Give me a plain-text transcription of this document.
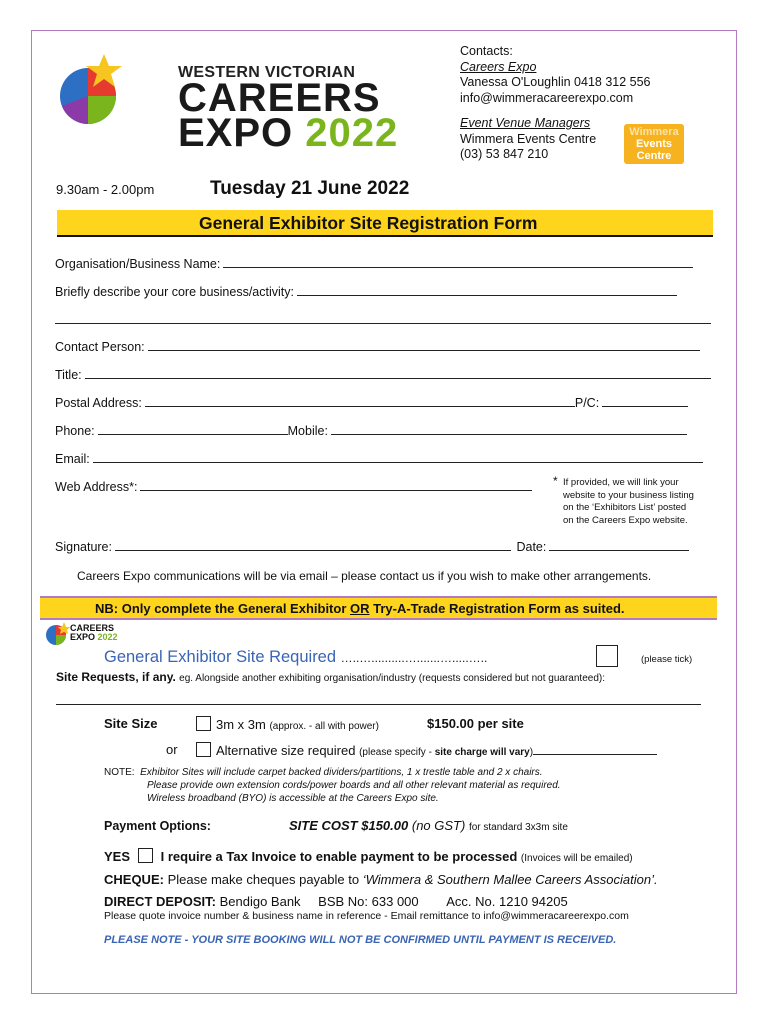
WESTERN VICTORIAN
CAREERS
EXPO 2022
Contacts:
Careers Expo
Vanessa O'Loughlin 0418 312 556
info@wimmeracareerexpo.com
Event Venue Managers
Wimmera Events Centre
(03) 53 847 210
Wimmera
Events
Centre
9.30am - 2.00pm	Tuesday 21 June 2022
General Exhibitor Site Registration Form
Organisation/Business Name:
Briefly describe your core business/activity:
Contact Person:
Title:
Postal Address:	P/C:
Phone:	Mobile:
Email:
Web Address*:	* If provided, we will link your
website to your business listing
on the ‘Exhibitors List’ posted
on the Careers Expo website.
Signature:	Date:
Careers Expo communications will be via email – please contact us if you wish to make other arrangements.
NB: Only complete the General Exhibitor OR Try-A-Trade Registration Form as suited.
CAREERS
EXPO 2022
General Exhibitor Site Required …..…..........….......….....…..	(please tick)
Site Requests, if any. eg. Alongside another exhibiting organisation/industry (requests considered but not guaranteed):
Site Size	3m x 3m (approx. - all with power)	$150.00 per site
or	Alternative size required (please specify - site charge will vary)
NOTE: Exhibitor Sites will include carpet backed dividers/partitions, 1 x trestle table and 2 x chairs.
Please provide own extension cords/power boards and all other relevant material as required.
Wireless broadband (BYO) is accessible at the Careers Expo site.
Payment Options:	SITE COST $150.00 (no GST) for standard 3x3m site
YES I require a Tax Invoice to enable payment to be processed (Invoices will be emailed)
CHEQUE: Please make cheques payable to ‘Wimmera & Southern Mallee Careers Association’.
DIRECT DEPOSIT: Bendigo Bank BSB No: 633 000 Acc. No. 1210 94205
Please quote invoice number & business name in reference - Email remittance to info@wimmeracareerexpo.com
PLEASE NOTE - YOUR SITE BOOKING WILL NOT BE CONFIRMED UNTIL PAYMENT IS RECEIVED.
